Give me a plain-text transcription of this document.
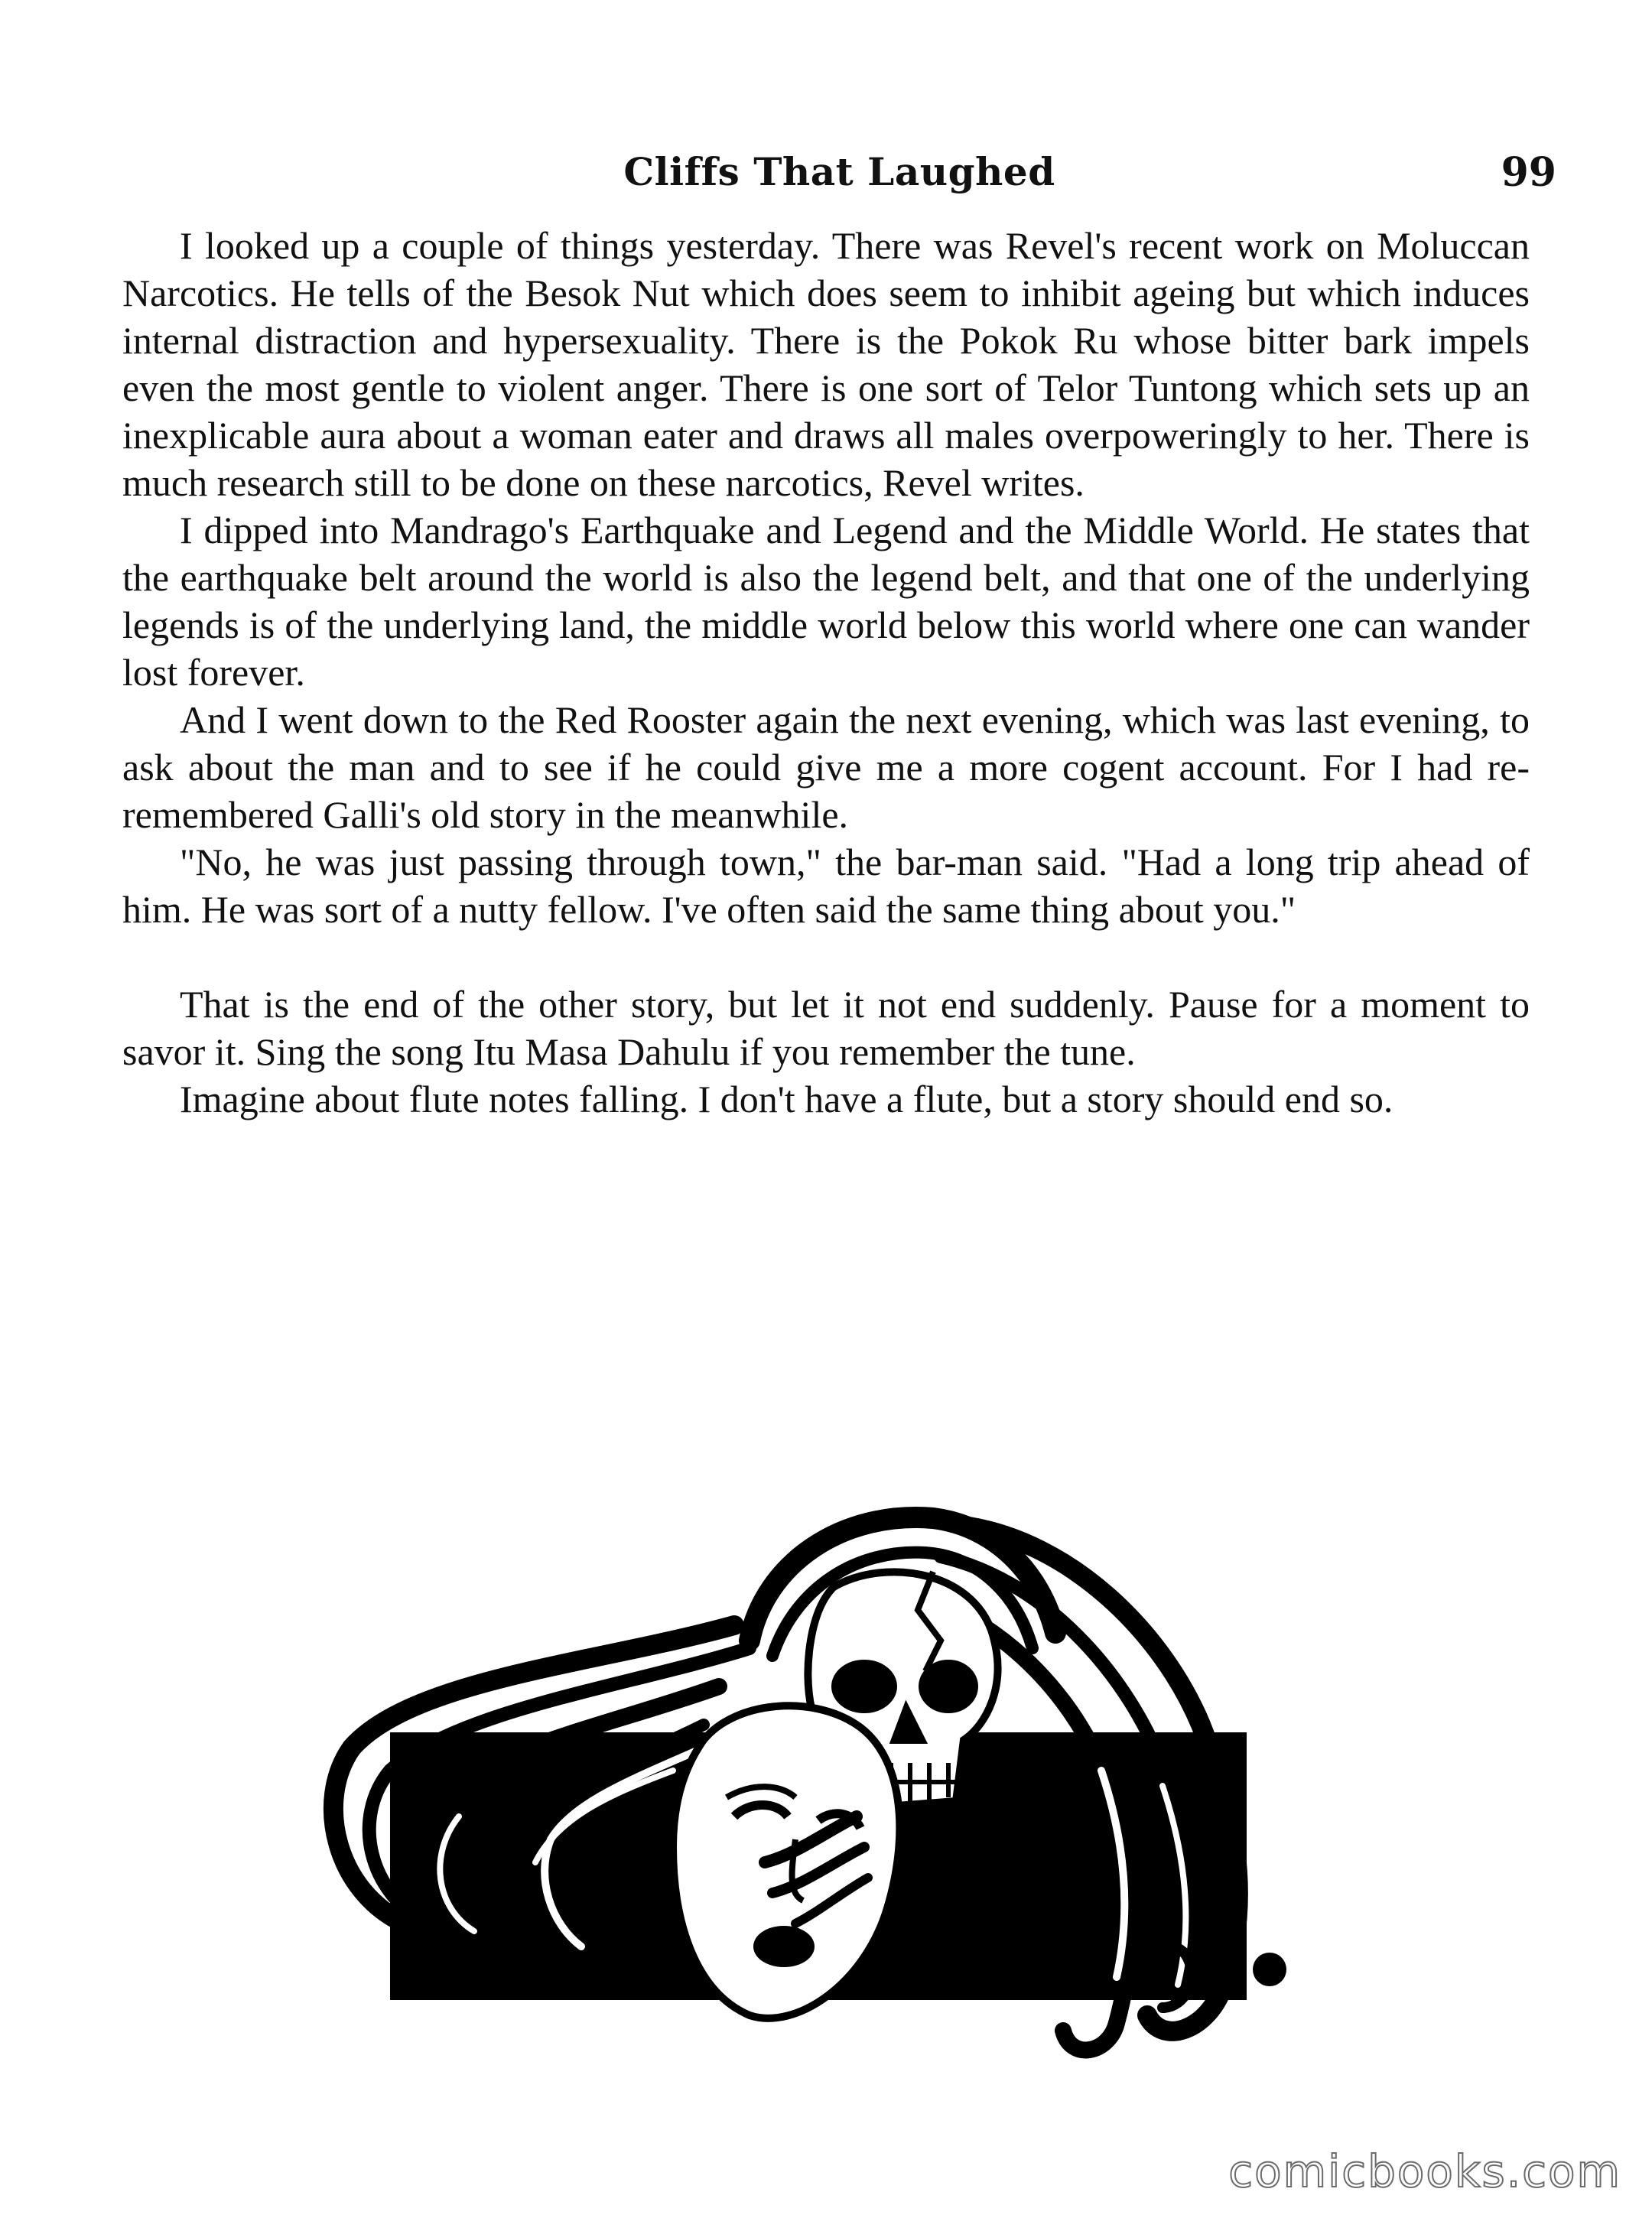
Cliffs That Laughed	99

I looked up a couple of things yesterday. There was Revel's recent work on Moluccan Narcotics. He tells of the Besok Nut which does seem to inhibit ageing but which induces internal distraction and hypersexuality. There is the Pokok Ru whose bitter bark impels even the most gentle to violent anger. There is one sort of Telor Tuntong which sets up an inexplicable aura about a woman eater and draws all males overpoweringly to her. There is much research still to be done on these narcotics, Revel writes.

I dipped into Mandrago's Earthquake and Legend and the Middle World. He states that the earthquake belt around the world is also the legend belt, and that one of the underlying legends is of the underlying land, the middle world below this world where one can wander lost forever.

And I went down to the Red Rooster again the next evening, which was last evening, to ask about the man and to see if he could give me a more cogent account. For I had re-remembered Galli's old story in the meanwhile.

"No, he was just passing through town," the bar-man said. "Had a long trip ahead of him. He was sort of a nutty fellow. I've often said the same thing about you."

That is the end of the other story, but let it not end suddenly. Pause for a moment to savor it. Sing the song Itu Masa Dahulu if you remember the tune.

Imagine about flute notes falling. I don't have a flute, but a story should end so.

comicbooks.com
